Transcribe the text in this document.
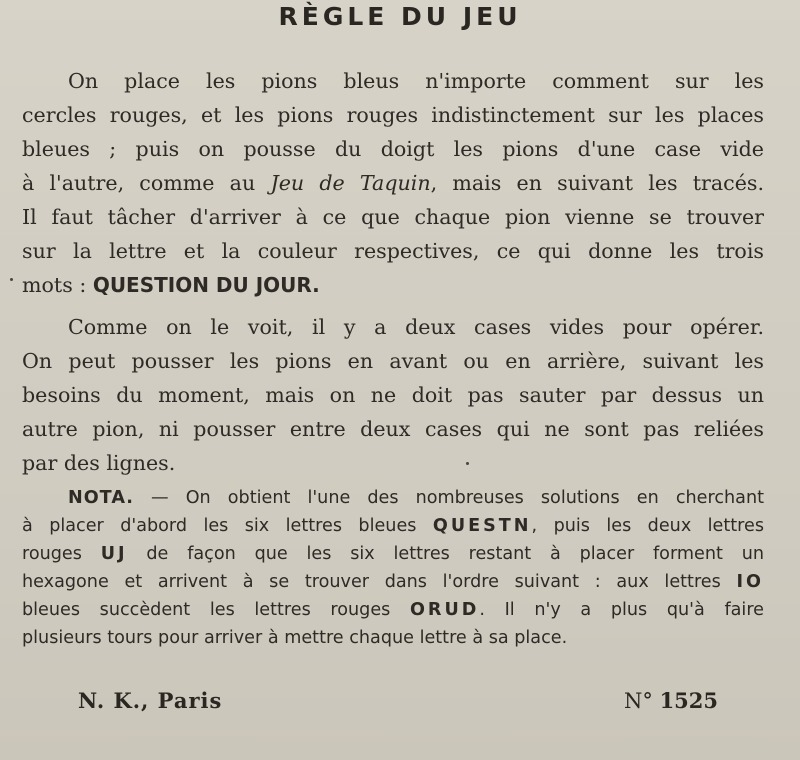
RÈGLE DU JEU
On place les pions bleus n'importe comment sur les
cercles rouges, et les pions rouges indistinctement sur les places
bleues ; puis on pousse du doigt les pions d'une case vide
à l'autre, comme au Jeu de Taquin, mais en suivant les tracés.
Il faut tâcher d'arriver à ce que chaque pion vienne se trouver
sur la lettre et la couleur respectives, ce qui donne les trois
mots : QUESTION DU JOUR.
Comme on le voit, il y a deux cases vides pour opérer.
On peut pousser les pions en avant ou en arrière, suivant les
besoins du moment, mais on ne doit pas sauter par dessus un
autre pion, ni pousser entre deux cases qui ne sont pas reliées
par des lignes.
NOTA. — On obtient l'une des nombreuses solutions en cherchant
à placer d'abord les six lettres bleues QUESTN, puis les deux lettres
rouges UJ de façon que les six lettres restant à placer forment un
hexagone et arrivent à se trouver dans l'ordre suivant : aux lettres IO
bleues succèdent les lettres rouges ORUD. Il n'y a plus qu'à faire
plusieurs tours pour arriver à mettre chaque lettre à sa place.
N. K., Paris	N° 1525
